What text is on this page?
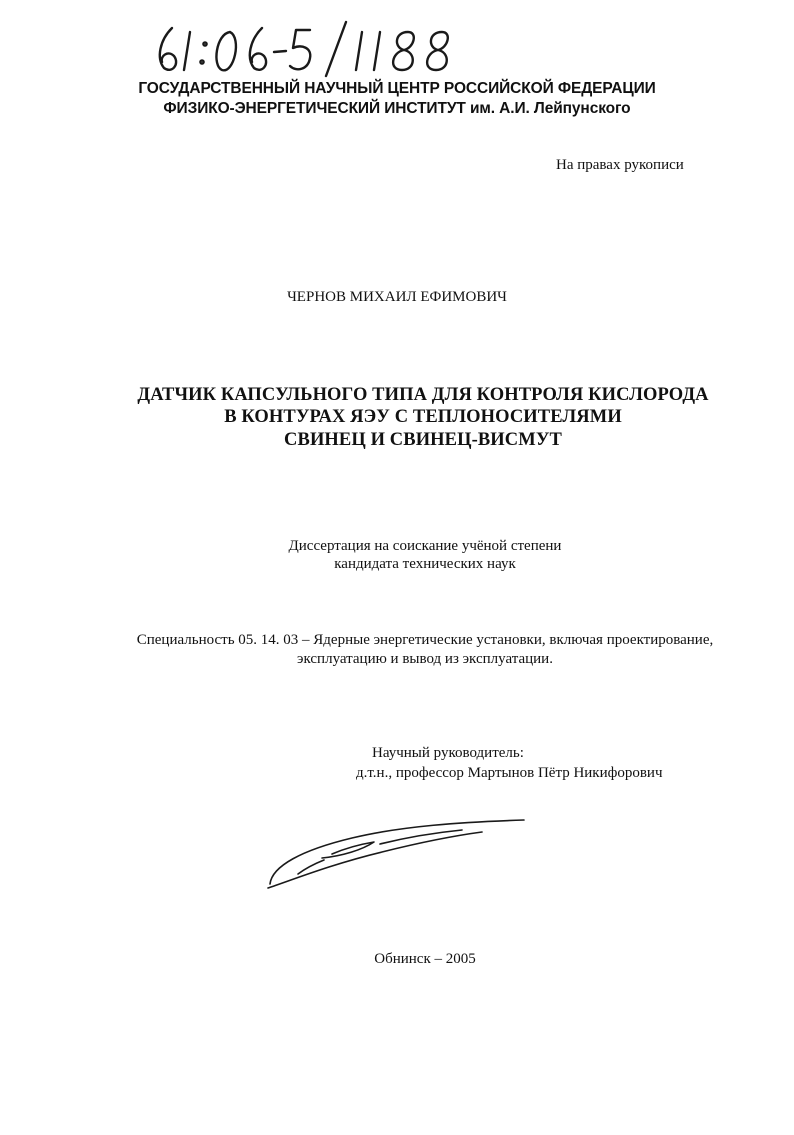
ГОСУДАРСТВЕННЫЙ НАУЧНЫЙ ЦЕНТР РОССИЙСКОЙ ФЕДЕРАЦИИ
ФИЗИКО-ЭНЕРГЕТИЧЕСКИЙ ИНСТИТУТ им. А.И. Лейпунского
На правах рукописи
ЧЕРНОВ МИХАИЛ ЕФИМОВИЧ
ДАТЧИК КАПСУЛЬНОГО ТИПА ДЛЯ КОНТРОЛЯ КИСЛОРОДА
В КОНТУРАХ ЯЭУ С ТЕПЛОНОСИТЕЛЯМИ
СВИНЕЦ И СВИНЕЦ-ВИСМУТ
Диссертация на соискание учёной степени
кандидата технических наук
Специальность 05. 14. 03 – Ядерные энергетические установки, включая проектирование,
эксплуатацию и вывод из эксплуатации.
Научный руководитель:
д.т.н., профессор Мартынов Пётр Никифорович
Обнинск – 2005
